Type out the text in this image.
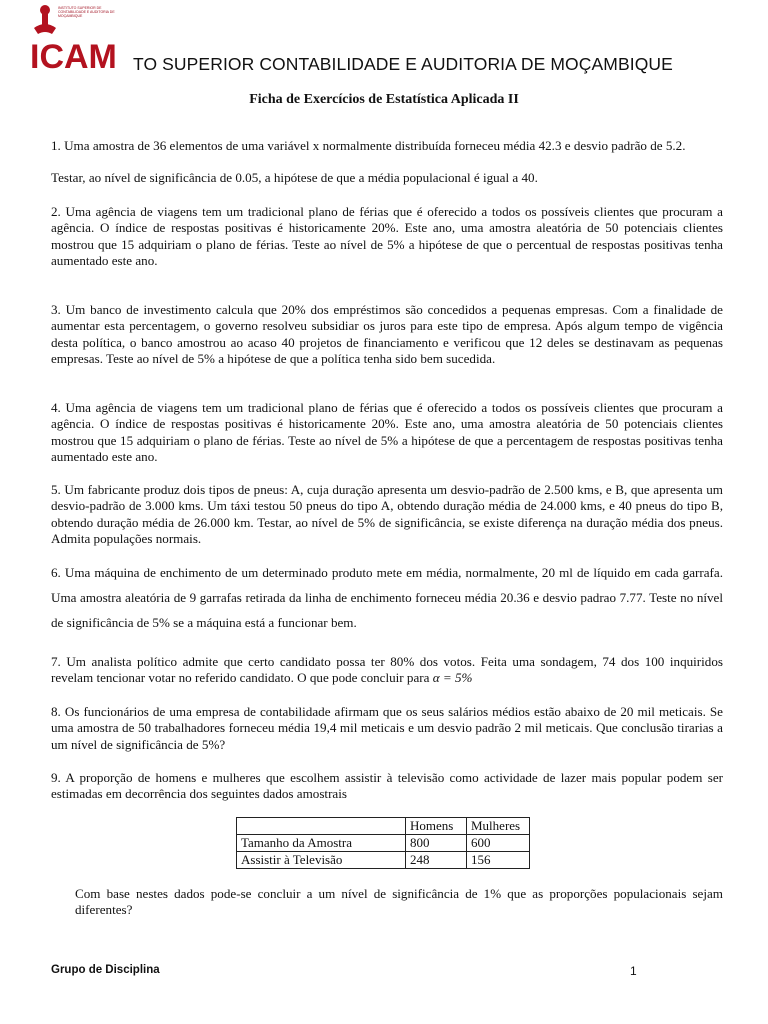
ICAM
INSTITUTO SUPERIOR DE CONTABILIDADE E AUDITORIA DE MOÇAMBIQUE
TO SUPERIOR CONTABILIDADE E AUDITORIA DE MOÇAMBIQUE
Ficha de Exercícios de Estatística Aplicada II
1. Uma amostra de 36 elementos de uma variável x normalmente distribuída forneceu média 42.3 e desvio padrão de 5.2.
Testar, ao nível de significância de 0.05, a hipótese de que a média populacional é igual a 40.
2. Uma agência de viagens tem um tradicional plano de férias que é oferecido a todos os possíveis clientes que procuram a agência. O índice de respostas positivas é historicamente 20%. Este ano, uma amostra aleatória de 50 potenciais clientes mostrou que 15 adquiriam o plano de férias. Teste ao nível de 5% a hipótese de que o percentual de respostas positivas tenha aumentado este ano.
3. Um banco de investimento calcula que 20% dos empréstimos são concedidos a pequenas empresas. Com a finalidade de aumentar esta percentagem, o governo resolveu subsidiar os juros para este tipo de empresa. Após algum tempo de vigência desta política, o banco amostrou ao acaso 40 projetos de financiamento e verificou que 12 deles se destinavam as pequenas empresas. Teste ao nível de 5% a hipótese de que a política tenha sido bem sucedida.
4. Uma agência de viagens tem um tradicional plano de férias que é oferecido a todos os possíveis clientes que procuram a agência. O índice de respostas positivas é historicamente 20%. Este ano, uma amostra aleatória de 50 potenciais clientes mostrou que 15 adquiriam o plano de férias. Teste ao nível de 5% a hipótese de que a percentagem de respostas positivas tenha aumentado este ano.
5. Um fabricante produz dois tipos de pneus: A, cuja duração apresenta um desvio-padrão de 2.500 kms, e B, que apresenta um desvio-padrão de 3.000 kms. Um táxi testou 50 pneus do tipo A, obtendo duração média de 24.000 kms, e 40 pneus do tipo B, obtendo duração média de 26.000 km. Testar, ao nível de 5% de significância, se existe diferença na duração média dos pneus. Admita populações normais.
6. Uma máquina de enchimento de um determinado produto mete em média, normalmente, 20 ml de líquido em cada garrafa. Uma amostra aleatória de 9 garrafas retirada da linha de enchimento forneceu média 20.36 e desvio padrao 7.77. Teste no nível de significância de 5% se a máquina está a funcionar bem.
7. Um analista político admite que certo candidato possa ter 80% dos votos. Feita uma sondagem, 74 dos 100 inquiridos revelam tencionar votar no referido candidato. O que pode concluir para α = 5%
8. Os funcionários de uma empresa de contabilidade afirmam que os seus salários médios estão abaixo de 20 mil meticais. Se uma amostra de 50 trabalhadores forneceu média 19,4 mil meticais e um desvio padrão 2 mil meticais. Que conclusão tirarias a um nível de significância de 5%?
9. A proporção de homens e mulheres que escolhem assistir à televisão como actividade de lazer mais popular podem ser estimadas em decorrência dos seguintes dados amostrais
	Homens	Mulheres
Tamanho da Amostra	800	600
Assistir à Televisão	248	156
Com base nestes dados pode-se concluir a um nível de significância de 1% que as proporções populacionais sejam diferentes?
Grupo de Disciplina	1
